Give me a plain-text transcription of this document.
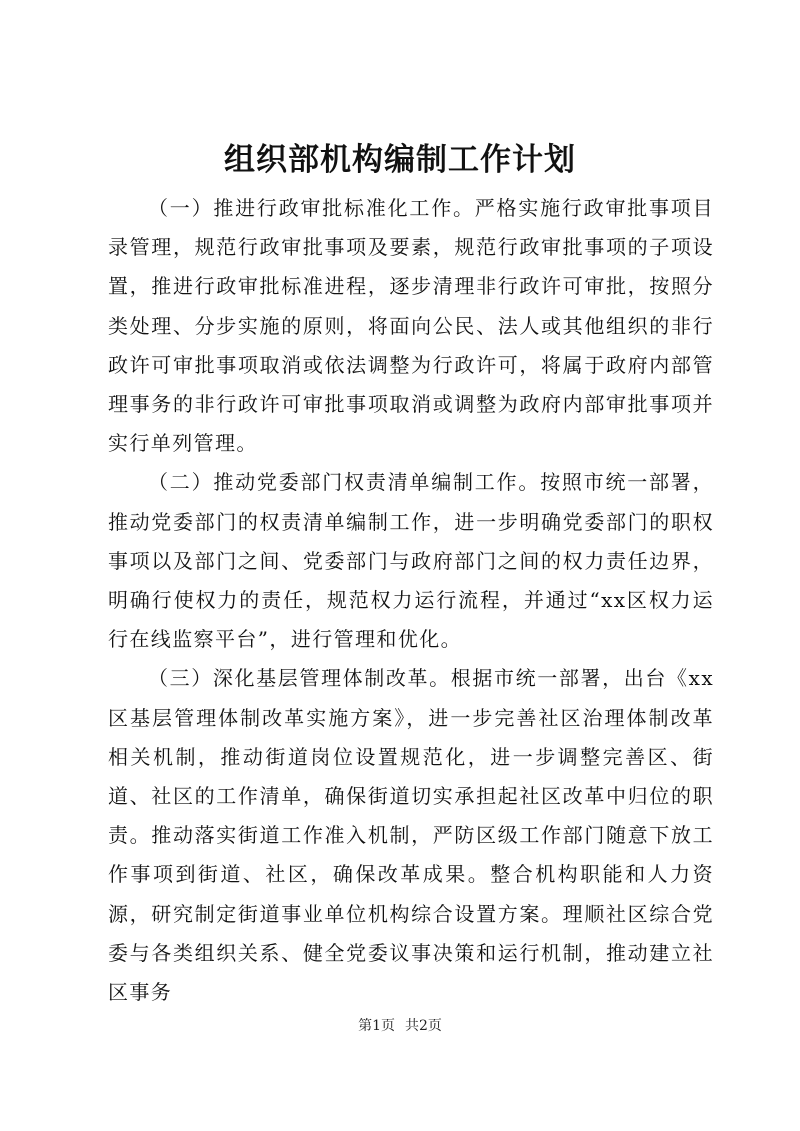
组织部机构编制工作计划

（一）推进行政审批标准化工作。严格实施行政审批事项目录管理，规范行政审批事项及要素，规范行政审批事项的子项设置，推进行政审批标准进程，逐步清理非行政许可审批，按照分类处理、分步实施的原则，将面向公民、法人或其他组织的非行政许可审批事项取消或依法调整为行政许可，将属于政府内部管理事务的非行政许可审批事项取消或调整为政府内部审批事项并实行单列管理。

（二）推动党委部门权责清单编制工作。按照市统一部署，推动党委部门的权责清单编制工作，进一步明确党委部门的职权事项以及部门之间、党委部门与政府部门之间的权力责任边界，明确行使权力的责任，规范权力运行流程，并通过“xx区权力运行在线监察平台”，进行管理和优化。

（三）深化基层管理体制改革。根据市统一部署，出台《xx区基层管理体制改革实施方案》，进一步完善社区治理体制改革相关机制，推动街道岗位设置规范化，进一步调整完善区、街道、社区的工作清单，确保街道切实承担起社区改革中归位的职责。推动落实街道工作准入机制，严防区级工作部门随意下放工作事项到街道、社区，确保改革成果。整合机构职能和人力资源，研究制定街道事业单位机构综合设置方案。理顺社区综合党委与各类组织关系、健全党委议事决策和运行机制，推动建立社区事务

第1页 共2页
